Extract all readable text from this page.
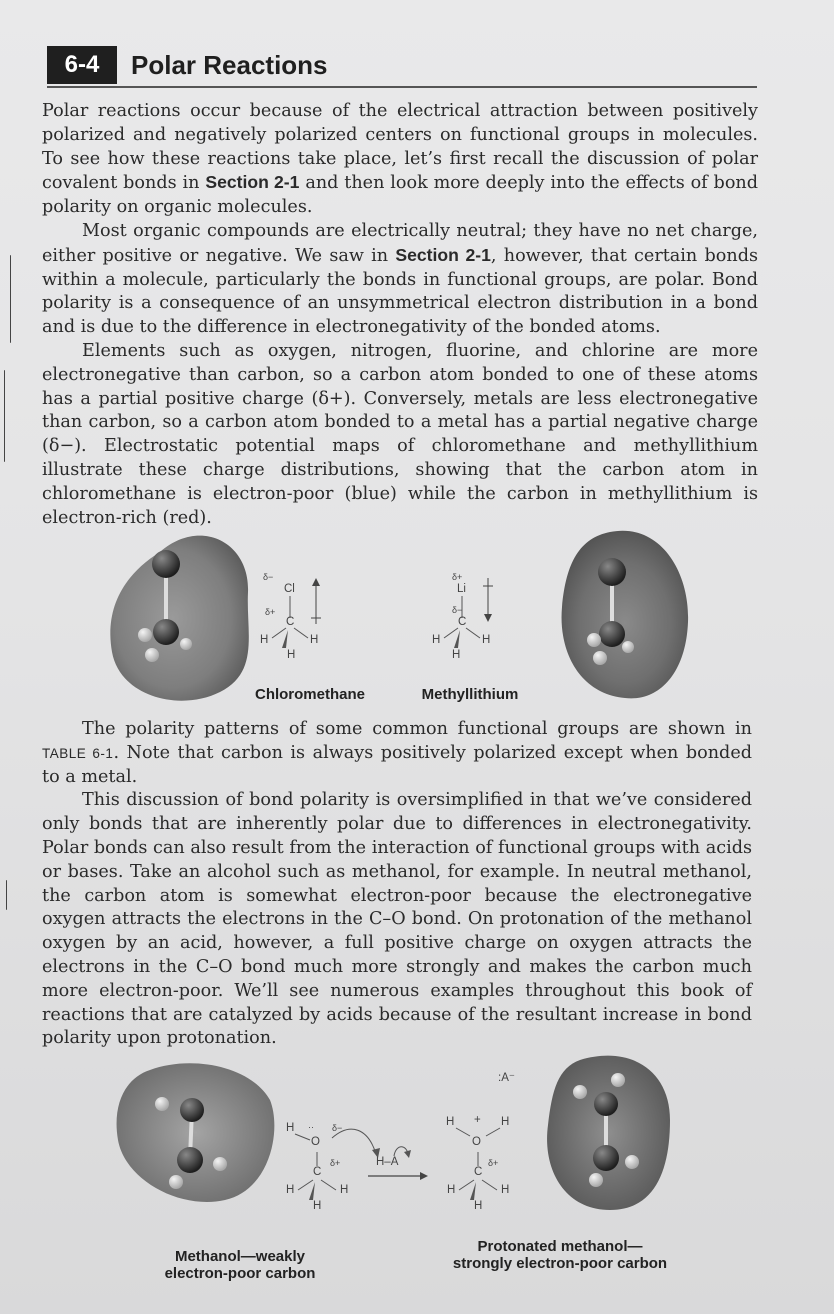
6-4	Polar Reactions

Polar reactions occur because of the electrical attraction between positively polarized and negatively polarized centers on functional groups in molecules. To see how these reactions take place, let’s first recall the discussion of polar covalent bonds in Section 2-1 and then look more deeply into the effects of bond polarity on organic molecules.

Most organic compounds are electrically neutral; they have no net charge, either positive or negative. We saw in Section 2-1, however, that certain bonds within a molecule, particularly the bonds in functional groups, are polar. Bond polarity is a consequence of an unsymmetrical electron distribution in a bond and is due to the difference in electronegativity of the bonded atoms.

Elements such as oxygen, nitrogen, fluorine, and chlorine are more electronegative than carbon, so a carbon atom bonded to one of these atoms has a partial positive charge (δ+). Conversely, metals are less electronegative than carbon, so a carbon atom bonded to a metal has a partial negative charge (δ−). Electrostatic potential maps of chloromethane and methyllithium illustrate these charge distributions, showing that the carbon atom in chloromethane is electron-poor (blue) while the carbon in methyllithium is electron-rich (red).

δ−
Cl
δ+
C
H	H
H
δ+
Li
δ−
C
H	H
H
Chloromethane	Methyllithium

The polarity patterns of some common functional groups are shown in TABLE 6-1. Note that carbon is always positively polarized except when bonded to a metal.

This discussion of bond polarity is oversimplified in that we’ve considered only bonds that are inherently polar due to differences in electronegativity. Polar bonds can also result from the interaction of functional groups with acids or bases. Take an alcohol such as methanol, for example. In neutral methanol, the carbon atom is somewhat electron-poor because the electronegative oxygen attracts the electrons in the C–O bond. On protonation of the methanol oxygen by an acid, however, a full positive charge on oxygen attracts the electrons in the C–O bond much more strongly and makes the carbon much more electron-poor. We’ll see numerous examples throughout this book of reactions that are catalyzed by acids because of the resultant increase in bond polarity upon protonation.

H ·· δ−
O
δ+
C
H	H
H
H–A
:A⁻
H + H
O
δ+
C
H	H
H
Methanol—weakly
electron-poor carbon
Protonated methanol—
strongly electron-poor carbon
